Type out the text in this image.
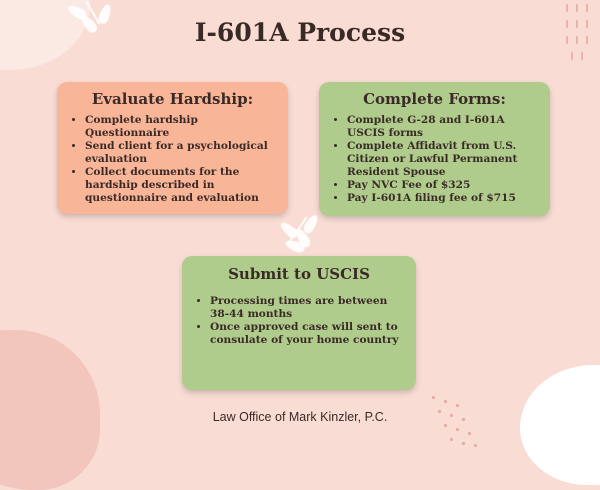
I-601A Process
Evaluate Hardship:
• Complete hardship Questionnaire
• Send client for a psychological evaluation
• Collect documents for the hardship described in questionnaire and evaluation
Complete Forms:
• Complete G-28 and I-601A USCIS forms
• Complete Affidavit from U.S. Citizen or Lawful Permanent Resident Spouse
• Pay NVC Fee of $325
• Pay I-601A filing fee of $715
Submit to USCIS
• Processing times are between 38-44 months
• Once approved case will sent to consulate of your home country
Law Office of Mark Kinzler, P.C.
